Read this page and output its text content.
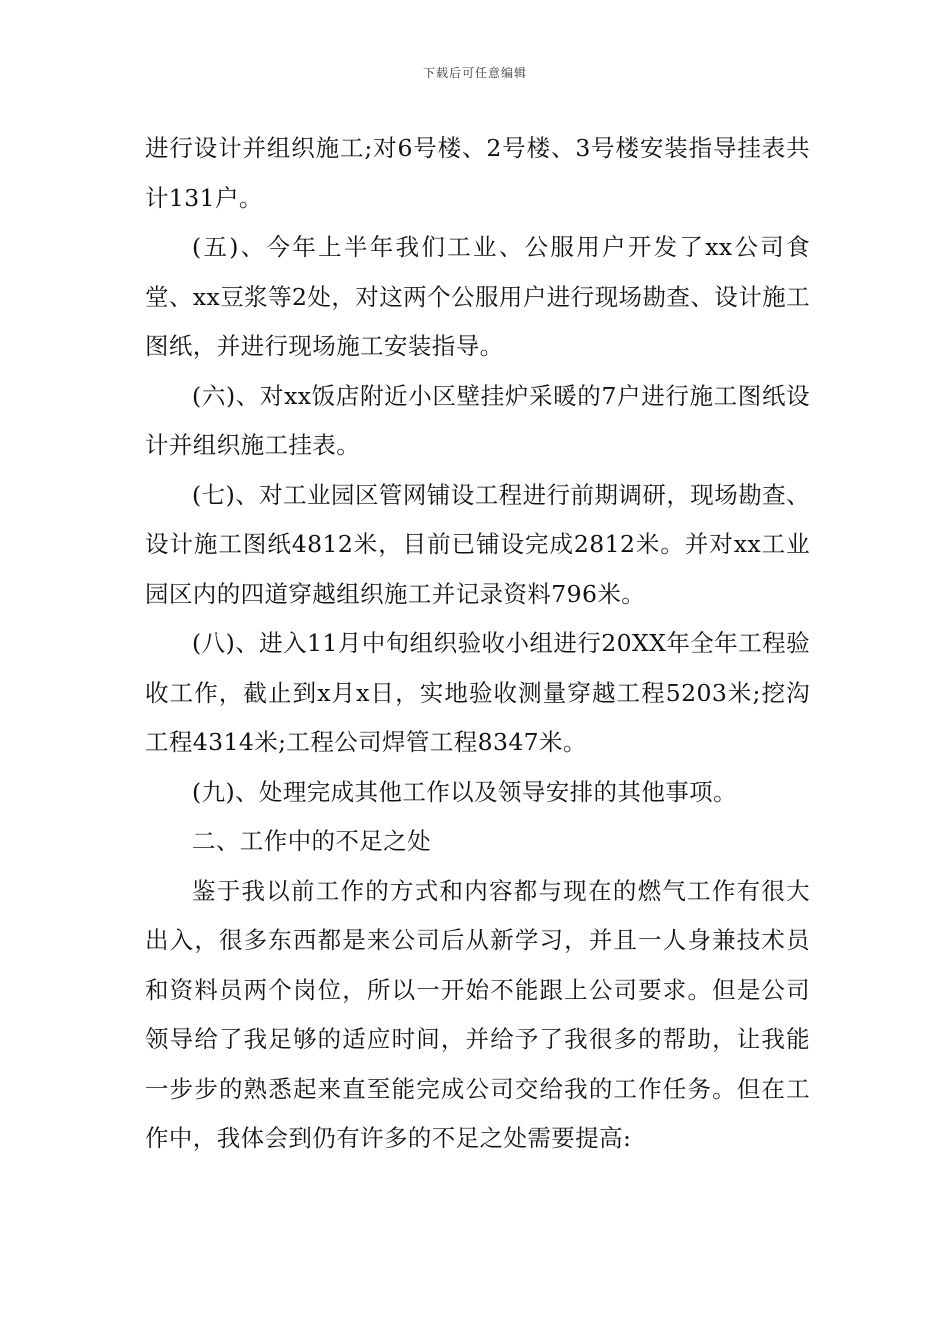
下载后可任意编辑

进行设计并组织施工;对6号楼、2号楼、3号楼安装指导挂表共计131户。

(五)、今年上半年我们工业、公服用户开发了xx公司食堂、xx豆浆等2处，对这两个公服用户进行现场勘查、设计施工图纸，并进行现场施工安装指导。

(六)、对xx饭店附近小区壁挂炉采暖的7户进行施工图纸设计并组织施工挂表。

(七)、对工业园区管网铺设工程进行前期调研，现场勘查、设计施工图纸4812米，目前已铺设完成2812米。并对xx工业园区内的四道穿越组织施工并记录资料796米。

(八)、进入11月中旬组织验收小组进行20XX年全年工程验收工作，截止到x月x日，实地验收测量穿越工程5203米;挖沟工程4314米;工程公司焊管工程8347米。

(九)、处理完成其他工作以及领导安排的其他事项。

二、工作中的不足之处

鉴于我以前工作的方式和内容都与现在的燃气工作有很大出入，很多东西都是来公司后从新学习，并且一人身兼技术员和资料员两个岗位，所以一开始不能跟上公司要求。但是公司领导给了我足够的适应时间，并给予了我很多的帮助，让我能一步步的熟悉起来直至能完成公司交给我的工作任务。但在工作中，我体会到仍有许多的不足之处需要提高:
